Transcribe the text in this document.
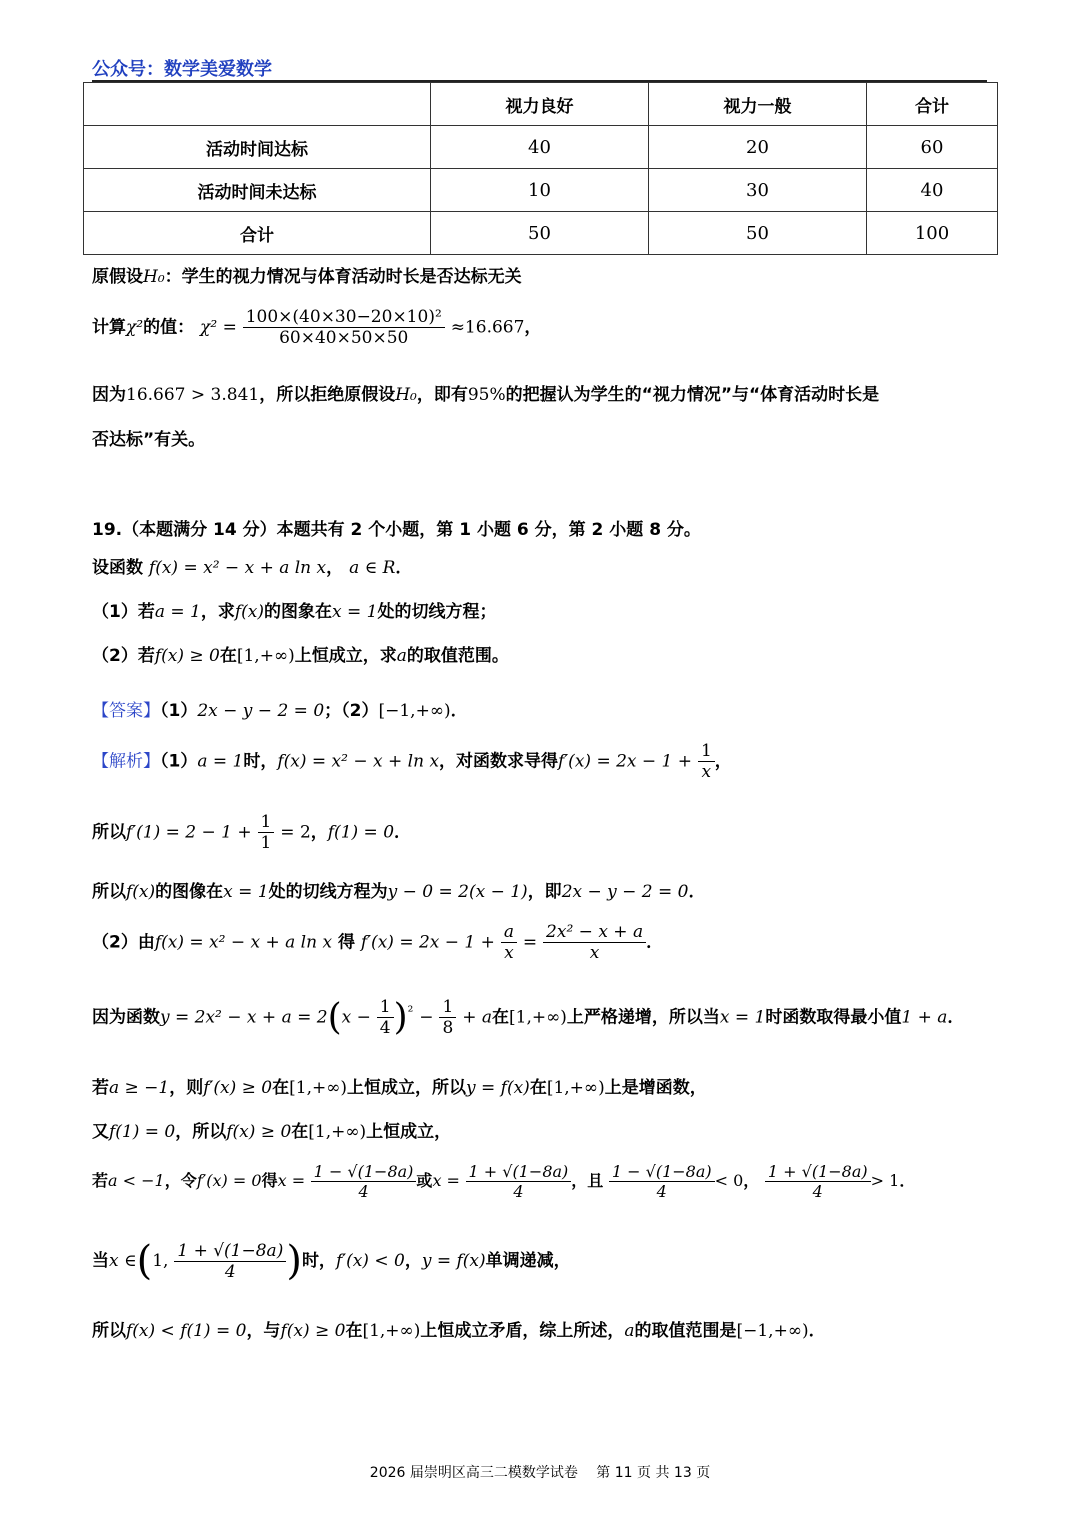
公众号：数学美爱数学
	视力良好	视力一般	合计
活动时间达标	40	20	60
活动时间未达标	10	30	40
合计	50	50	100
原假设H₀：学生的视力情况与体育活动时长是否达标无关
计算χ²的值： $\chi^2 = \frac{\text{100×(40×30−20×10)²}}{60\times 40\times 50\times 50} \approx 16.667$，
因为16.667 > 3.841，所以拒绝原假设H₀，即有95%的把握认为学生的“视力情况”与“体育活动时长是
否达标”有关。
19.（本题满分 14 分）本题共有 2 个小题，第 1 小题 6 分，第 2 小题 8 分。
设函数 f(x) = x² − x + a ln x， a ∈ R．
（1）若a = 1，求f(x)的图象在x = 1处的切线方程；
（2）若f(x) ≥ 0在[1,+∞)上恒成立，求a的取值范围。
【答案】（1）2x − y − 2 = 0；（2）[−1,+∞)．
【解析】（1）a = 1时，f(x) = x² − x + ln x，对函数求导得$f'(x) = 2x - 1 + \frac{1}{x}$ ，
所以$f'(1) = 2 - 1 + \frac{1}{1} = 2$，f(1) = 0．
所以f(x)的图像在x = 1处的切线方程为y − 0 = 2(x − 1)，即2x − y − 2 = 0．
（2）由f(x) = x² − x + a ln x 得 $f'(x) = 2x - 1 + \frac{a}{x} = \frac{\text{2x² − x + a}}{x}$ ．
因为函数$y = 2x^2 - x + a = 2(x - \frac{1}{4} )^{^2} - \frac{1}{8} + a$在[1,+∞)上严格递增，所以当x = 1时函数取得最小值1 + a．
若a ≥ −1，则f′(x) ≥ 0在[1,+∞)上恒成立，所以y = f(x)在[1,+∞)上是增函数，
又f(1) = 0，所以f(x) ≥ 0在[1,+∞)上恒成立，
若a < −1，令f′(x) = 0得$x = \frac{1 - √(1-8a)}{4}$ 或$x = \frac{1 + √(1-8a)}{4}$ ，且 $\frac{1 - √(1-8a)}{4} < 0$， $\frac{1 + √(1-8a)}{4} > 1$．
当x ∈(1, $\frac{1 + √(1-8a)}{4}$ )时，f′(x) < 0，y = f(x)单调递减，
所以f(x) < f(1) = 0，与f(x) ≥ 0在[1,+∞)上恒成立矛盾，综上所述，a的取值范围是[−1,+∞)．
2026 届崇明区高三二模数学试卷　 第 11 页 共 13 页
